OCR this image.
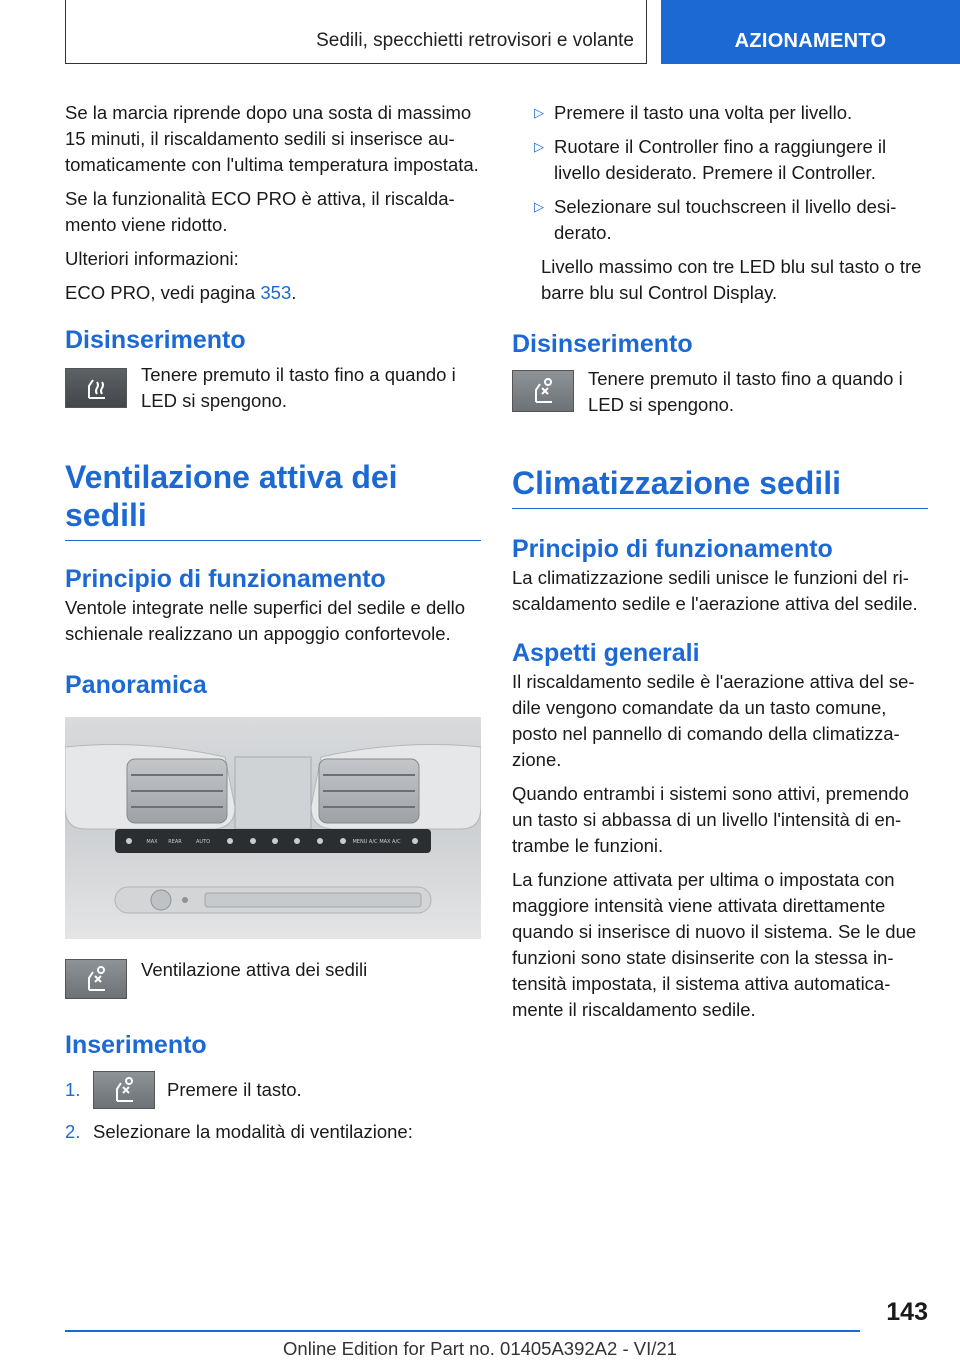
Sedili, specchietti retrovisori e volante	AZIONAMENTO

Se la marcia riprende dopo una sosta di massimo 15 minuti, il riscaldamento sedili si inserisce automaticamente con l'ultima temperatura impostata.

Se la funzionalità ECO PRO è attiva, il riscaldamento viene ridotto.

Ulteriori informazioni:

ECO PRO, vedi pagina 353.

Disinserimento

Tenere premuto il tasto fino a quando i LED si spengono.

Ventilazione attiva dei sedili
Principio di funzionamento

Ventole integrate nelle superfici del sedile e dello schienale realizzano un appoggio confortevole.

Panoramica
MAX REAR	AUTO	MENU A/C MAX A/C

Ventilazione attiva dei sedili

Inserimento
1.	Premere il tasto.

2. Selezionare la modalità di ventilazione:

▷ Premere il tasto una volta per livello.

▷ Ruotare il Controller fino a raggiungere il livello desiderato. Premere il Controller.

▷ Selezionare sul touchscreen il livello desiderato.

Livello massimo con tre LED blu sul tasto o tre barre blu sul Control Display.

Disinserimento

Tenere premuto il tasto fino a quando i LED si spengono.

Climatizzazione sedili
Principio di funzionamento

La climatizzazione sedili unisce le funzioni del riscaldamento sedile e l'aerazione attiva del sedile.

Aspetti generali

Il riscaldamento sedile è l'aerazione attiva del sedile vengono comandate da un tasto comune, posto nel pannello di comando della climatizzazione.

Quando entrambi i sistemi sono attivi, premendo un tasto si abbassa di un livello l'intensità di entrambe le funzioni.

La funzione attivata per ultima o impostata con maggiore intensità viene attivata direttamente quando si inserisce di nuovo il sistema. Se le due funzioni sono state disinserite con la stessa intensità impostata, il sistema attiva automaticamente il riscaldamento sedile.

143
Online Edition for Part no. 01405A392A2 - VI/21
